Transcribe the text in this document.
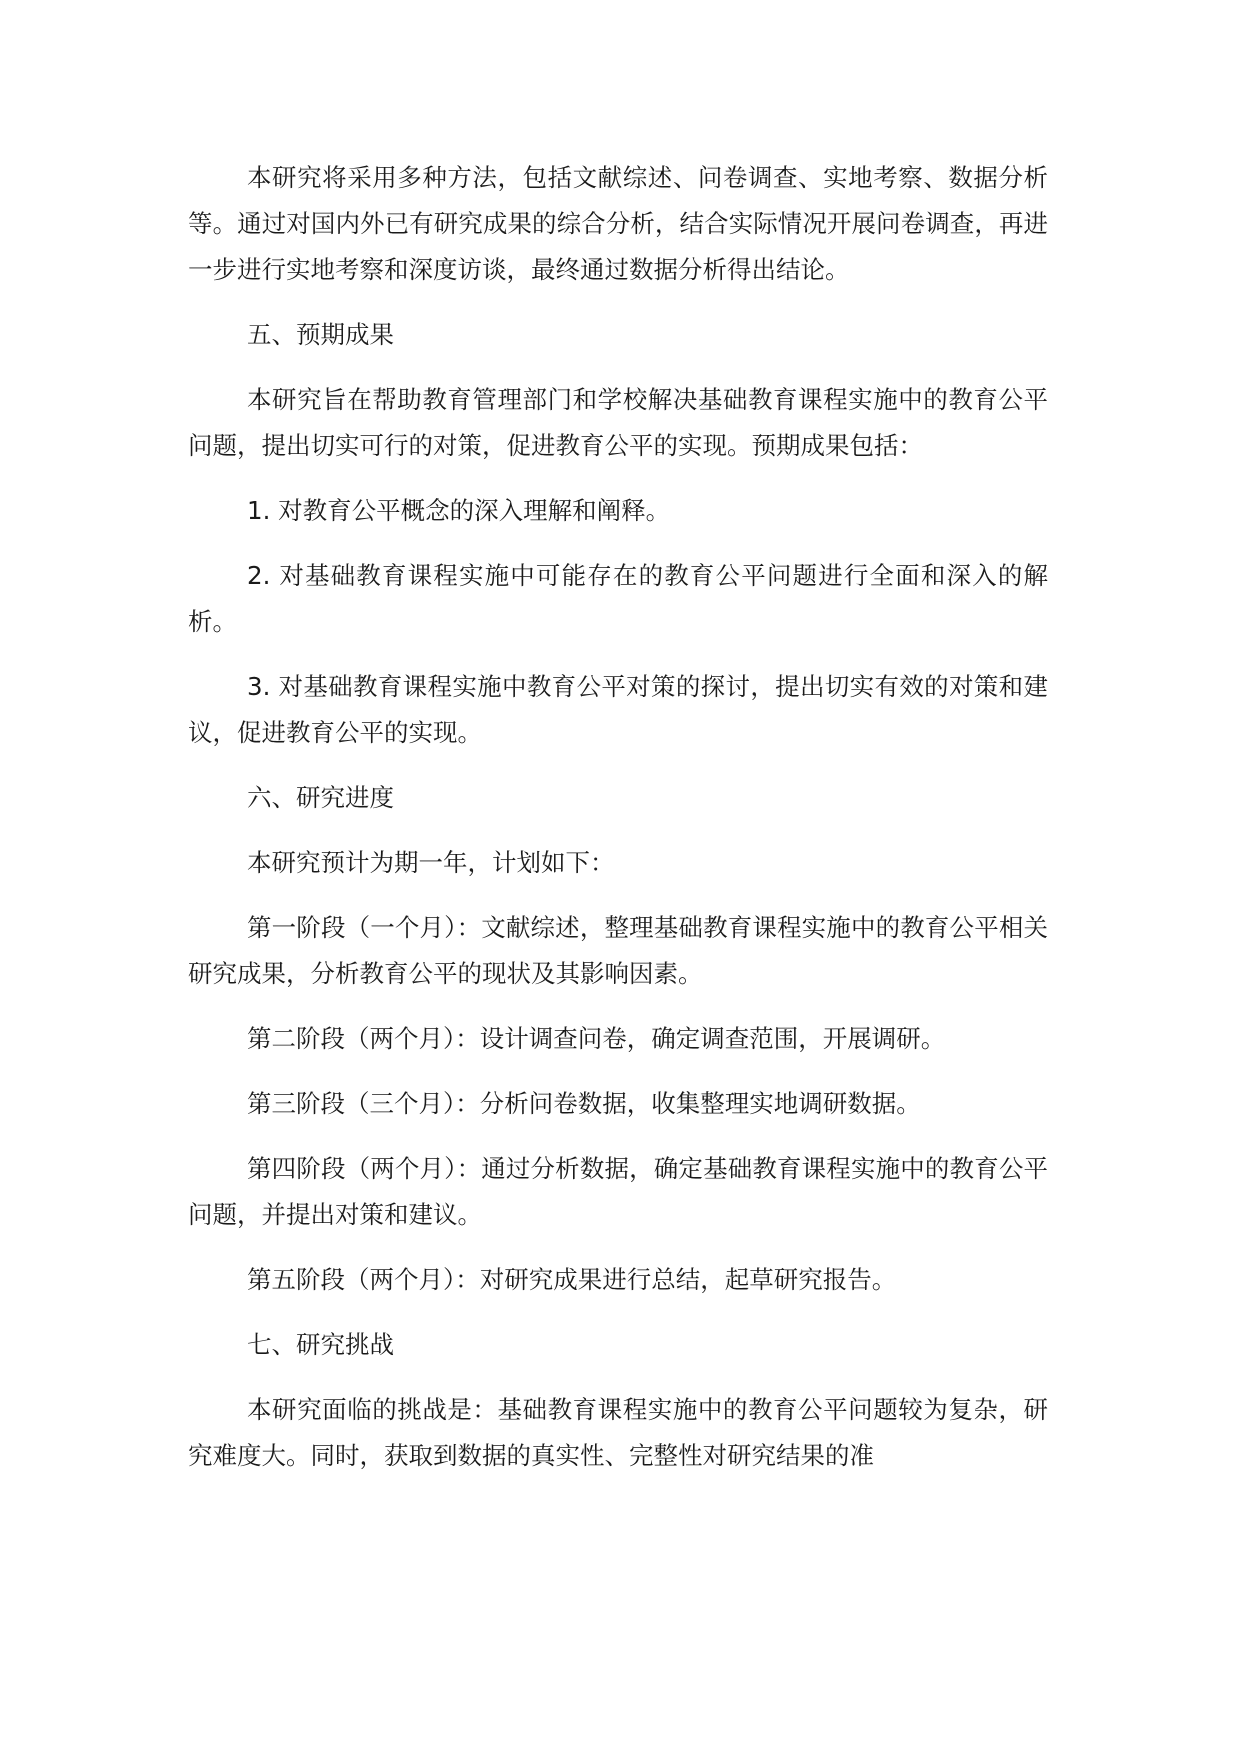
本研究将采用多种方法，包括文献综述、问卷调查、实地考察、数据分析等。通过对国内外已有研究成果的综合分析，结合实际情况开展问卷调查，再进一步进行实地考察和深度访谈，最终通过数据分析得出结论。

五、预期成果

本研究旨在帮助教育管理部门和学校解决基础教育课程实施中的教育公平问题，提出切实可行的对策，促进教育公平的实现。预期成果包括：

1. 对教育公平概念的深入理解和阐释。

2. 对基础教育课程实施中可能存在的教育公平问题进行全面和深入的解析。

3. 对基础教育课程实施中教育公平对策的探讨，提出切实有效的对策和建议，促进教育公平的实现。

六、研究进度

本研究预计为期一年，计划如下：

第一阶段（一个月）：文献综述，整理基础教育课程实施中的教育公平相关研究成果，分析教育公平的现状及其影响因素。

第二阶段（两个月）：设计调查问卷，确定调查范围，开展调研。

第三阶段（三个月）：分析问卷数据，收集整理实地调研数据。

第四阶段（两个月）：通过分析数据，确定基础教育课程实施中的教育公平问题，并提出对策和建议。

第五阶段（两个月）：对研究成果进行总结，起草研究报告。

七、研究挑战

本研究面临的挑战是：基础教育课程实施中的教育公平问题较为复杂，研究难度大。同时，获取到数据的真实性、完整性对研究结果的准
